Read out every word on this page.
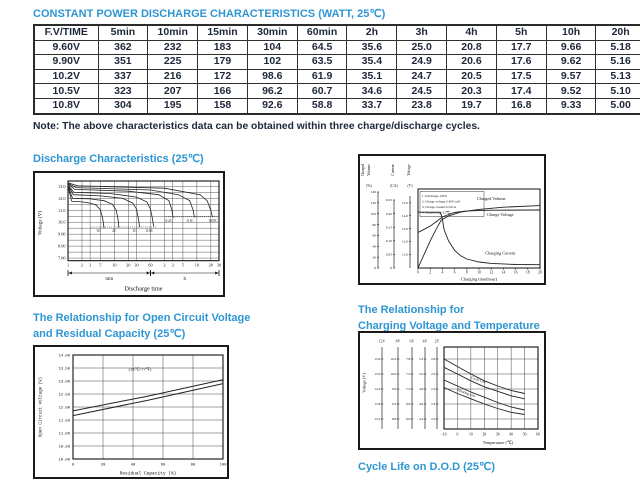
CONSTANT POWER DISCHARGE CHARACTERISTICS (WATT, 25℃)
F.V/TIME	5min	10min	15min	30min	60min	2h	3h	4h	5h	10h	20h
9.60V	362	232	183	104	64.5	35.6	25.0	20.8	17.7	9.66	5.18
9.90V	351	225	179	102	63.5	35.4	24.9	20.6	17.6	9.62	5.16
10.2V	337	216	172	98.6	61.9	35.1	24.7	20.5	17.5	9.57	5.13
10.5V	323	207	166	96.2	60.7	34.6	24.5	20.3	17.4	9.52	5.10
10.8V	304	195	158	92.6	58.8	33.7	23.8	19.7	16.8	9.33	5.00
Note: The above characteristics data can be obtained within three charge/discharge cycles.
Discharge Characteristics (25℃)
Voltage (V)
13.0
12.0
11.0
10.0
9.00
8.00
7.00
1	2 3 5	10 20 30 60	2 3 5	10 20 30
min	h
Discharge time
3C	2C	1C	0.6C
0.2C	0.1C	0.05C
Charged Volume	Current	Voltage
(%)	(CA)	(V)
0
20
40
60
80
100
120
140
0
0.05
0.10
0.15
0.20
0.25
11.0
12.0
13.0
14.0
15.0
0	2	4	6	8 10 12 14 16 18 20
Charging time(hour)
1. Discharge 100%
2. Charge voltage 2.40V/cell
3. Charge current 0.25CA
4. Temperature 25℃
Charged Volume
Charge Voltage
Charging Current
The Relationship for Open Circuit Voltage
and Residual Capacity (25℃)
Open Circuit Voltage (V)
14.00
13.50
13.00
12.50
12.00
11.50
11.00
10.50
10.00
0	20	40	60	80	100
Residual Capacity (%)
(25℃/77℉)
The Relationship for
Charging Voltage and Temperature
Voltage (V)
12V
15.6
15.0
14.4
13.8
13.2
8V
10.4
10.0
9.6
9.2
8.8
6V
7.8
7.5
7.2
6.9
6.6
4V
5.2
5.0
4.8
4.6
4.4
2V
2.6
2.5
2.4
2.3
2.2
-10	0	10	20	30	40	50	60
Temperature (℃)
Cycle Use
Floating Use
Cycle Life on D.O.D (25℃)
